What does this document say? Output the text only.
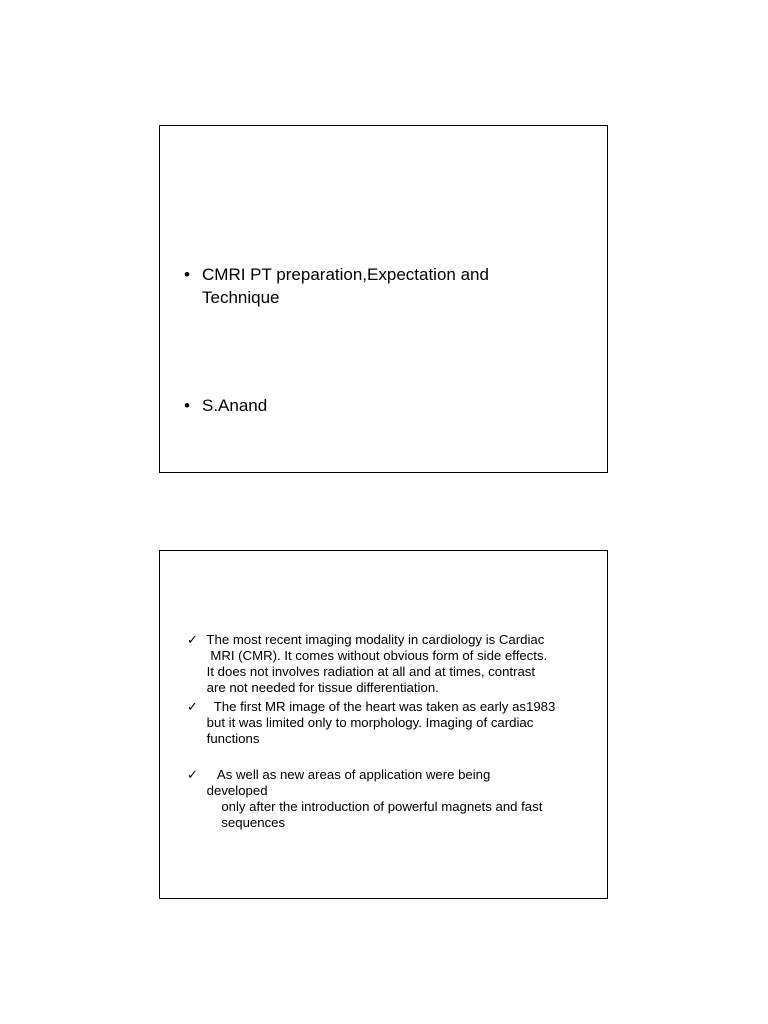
• CMRI PT preparation,Expectation and
Technique
• S.Anand
✓ The most recent imaging modality in cardiology is Cardiac
MRI (CMR). It comes without obvious form of side effects.
It does not involves radiation at all and at times, contrast
are not needed for tissue differentiation.
✓ The first MR image of the heart was taken as early as1983
but it was limited only to morphology. Imaging of cardiac
functions
✓ As well as new areas of application were being
developed
only after the introduction of powerful magnets and fast
sequences
